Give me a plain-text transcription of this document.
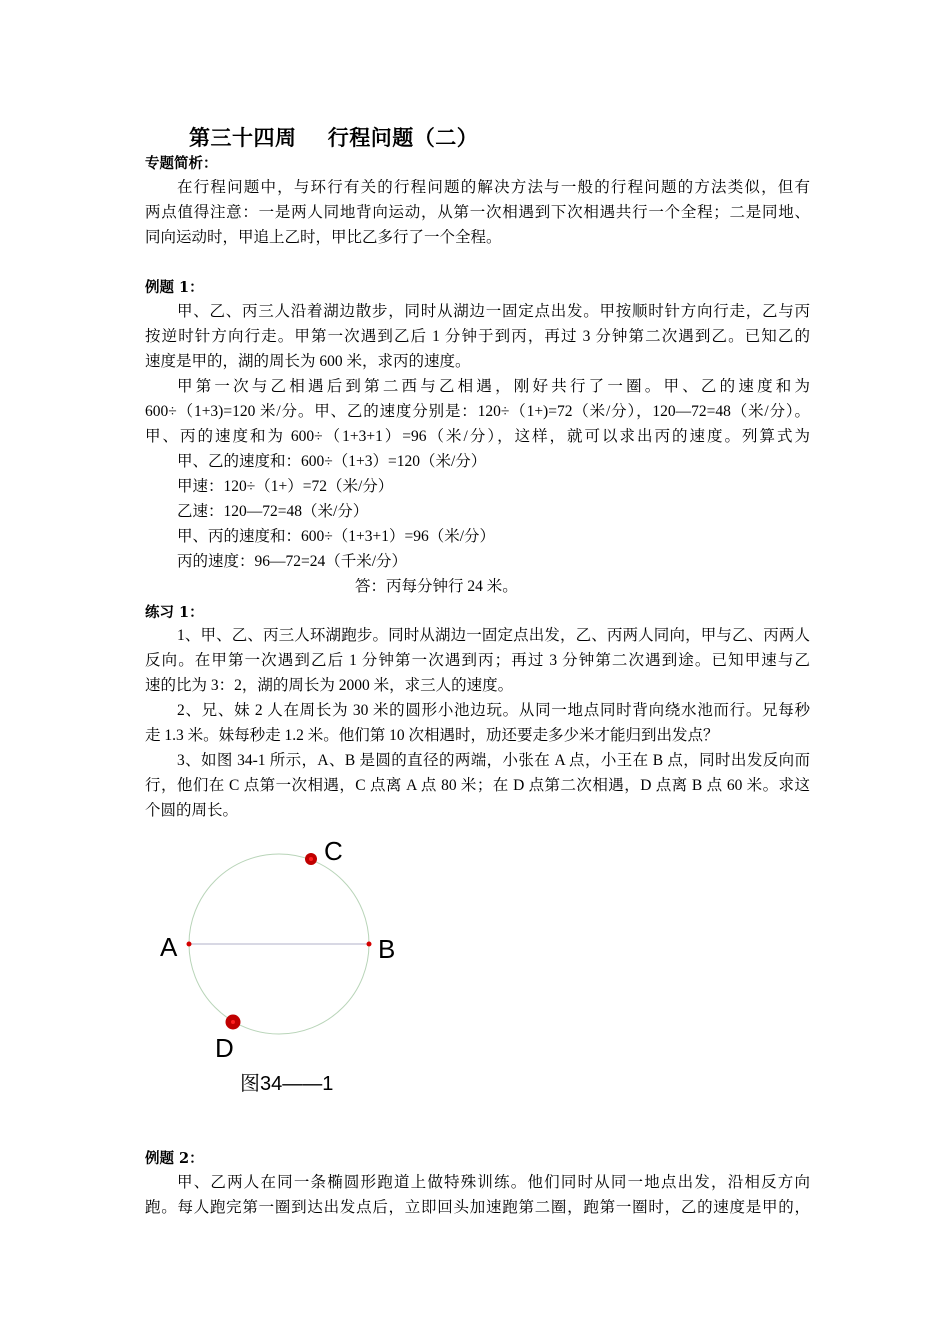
第三十四周    行程问题（二）
专题简析：
在行程问题中，与环行有关的行程问题的解决方法与一般的行程问题的方法类似，但有
两点值得注意：一是两人同地背向运动，从第一次相遇到下次相遇共行一个全程；二是同地、
同向运动时，甲追上乙时，甲比乙多行了一个全程。
例题 1：
甲、乙、丙三人沿着湖边散步，同时从湖边一固定点出发。甲按顺时针方向行走，乙与丙
按逆时针方向行走。甲第一次遇到乙后 1 分钟于到丙，再过 3 分钟第二次遇到乙。已知乙的
速度是甲的，湖的周长为 600 米，求丙的速度。
甲第一次与乙相遇后到第二西与乙相遇，刚好共行了一圈。甲、乙的速度和为
600÷（1+3)=120 米/分。甲、乙的速度分别是：120÷（1+)=72（米/分），120—72=48（米/分）。
甲、丙的速度和为 600÷（1+3+1）=96（米/分），这样，就可以求出丙的速度。列算式为
甲、乙的速度和：600÷（1+3）=120（米/分）
甲速：120÷（1+）=72（米/分）
乙速：120—72=48（米/分）
甲、丙的速度和：600÷（1+3+1）=96（米/分）
丙的速度：96—72=24（千米/分）
答：丙每分钟行 24 米。
练习 1：
1、甲、乙、丙三人环湖跑步。同时从湖边一固定点出发，乙、丙两人同向，甲与乙、丙两人
反向。在甲第一次遇到乙后 1 分钟第一次遇到丙；再过 3 分钟第二次遇到途。已知甲速与乙
速的比为 3：2，湖的周长为 2000 米，求三人的速度。
2、兄、妹 2 人在周长为 30 米的圆形小池边玩。从同一地点同时背向绕水池而行。兄每秒
走 1.3 米。妹每秒走 1.2 米。他们第 10 次相遇时，劢还要走多少米才能归到出发点？
3、如图 34-1 所示，A、B 是圆的直径的两端，小张在 A 点，小王在 B 点，同时出发反向而
行，他们在 C 点第一次相遇，C 点离 A 点 80 米；在 D 点第二次相遇，D 点离 B 点 60 米。求这
个圆的周长。
C
A	B
D
图34——1
例题 2：
甲、乙两人在同一条椭圆形跑道上做特殊训练。他们同时从同一地点出发，沿相反方向
跑。每人跑完第一圈到达出发点后，立即回头加速跑第二圈，跑第一圈时，乙的速度是甲的，
